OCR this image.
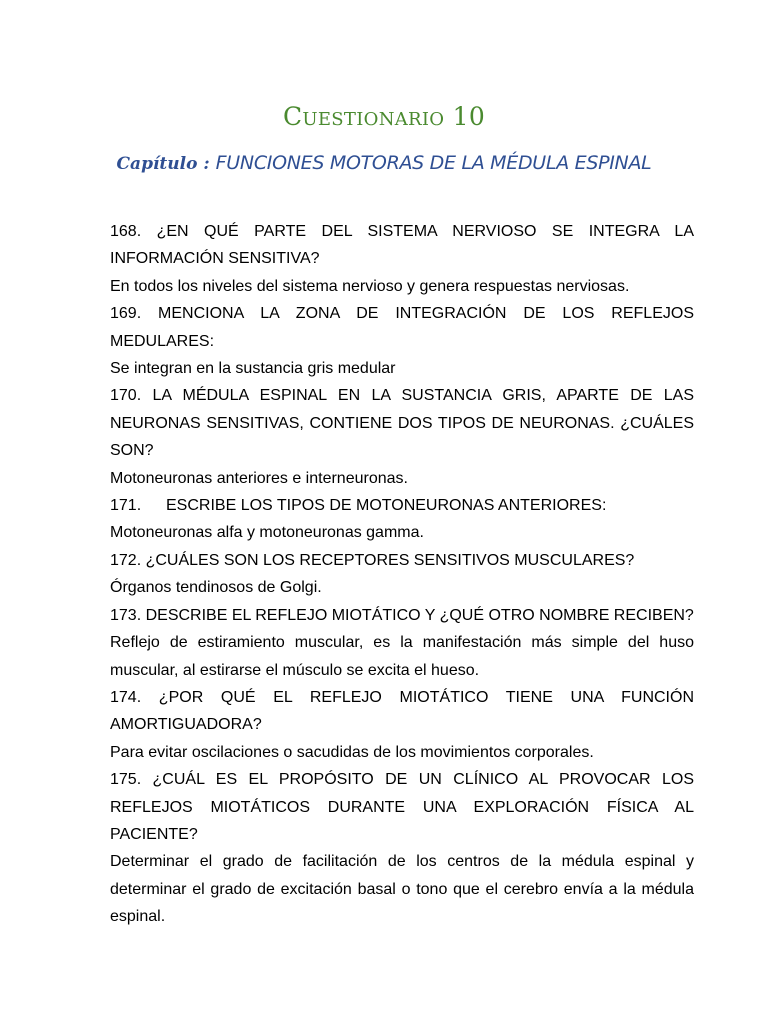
Cuestionario 10
Capítulo : FUNCIONES MOTORAS DE LA MÉDULA ESPINAL

168. ¿EN QUÉ PARTE DEL SISTEMA NERVIOSO SE INTEGRA LA INFORMACIÓN SENSITIVA?

En todos los niveles del sistema nervioso y genera respuestas nerviosas.

169. MENCIONA LA ZONA DE INTEGRACIÓN DE LOS REFLEJOS MEDULARES:

Se integran en la sustancia gris medular

170. LA MÉDULA ESPINAL EN LA SUSTANCIA GRIS, APARTE DE LAS NEURONAS SENSITIVAS, CONTIENE DOS TIPOS DE NEURONAS. ¿CUÁLES SON?

Motoneuronas anteriores e interneuronas.

171. ESCRIBE LOS TIPOS DE MOTONEURONAS ANTERIORES:

Motoneuronas alfa y motoneuronas gamma.

172. ¿CUÁLES SON LOS RECEPTORES SENSITIVOS MUSCULARES?

Órganos tendinosos de Golgi.

173. DESCRIBE EL REFLEJO MIOTÁTICO Y ¿QUÉ OTRO NOMBRE RECIBEN?

Reflejo de estiramiento muscular, es la manifestación más simple del huso muscular, al estirarse el músculo se excita el hueso.

174. ¿POR QUÉ EL REFLEJO MIOTÁTICO TIENE UNA FUNCIÓN AMORTIGUADORA?

Para evitar oscilaciones o sacudidas de los movimientos corporales.

175. ¿CUÁL ES EL PROPÓSITO DE UN CLÍNICO AL PROVOCAR LOS REFLEJOS MIOTÁTICOS DURANTE UNA EXPLORACIÓN FÍSICA AL PACIENTE?

Determinar el grado de facilitación de los centros de la médula espinal y determinar el grado de excitación basal o tono que el cerebro envía a la médula espinal.
